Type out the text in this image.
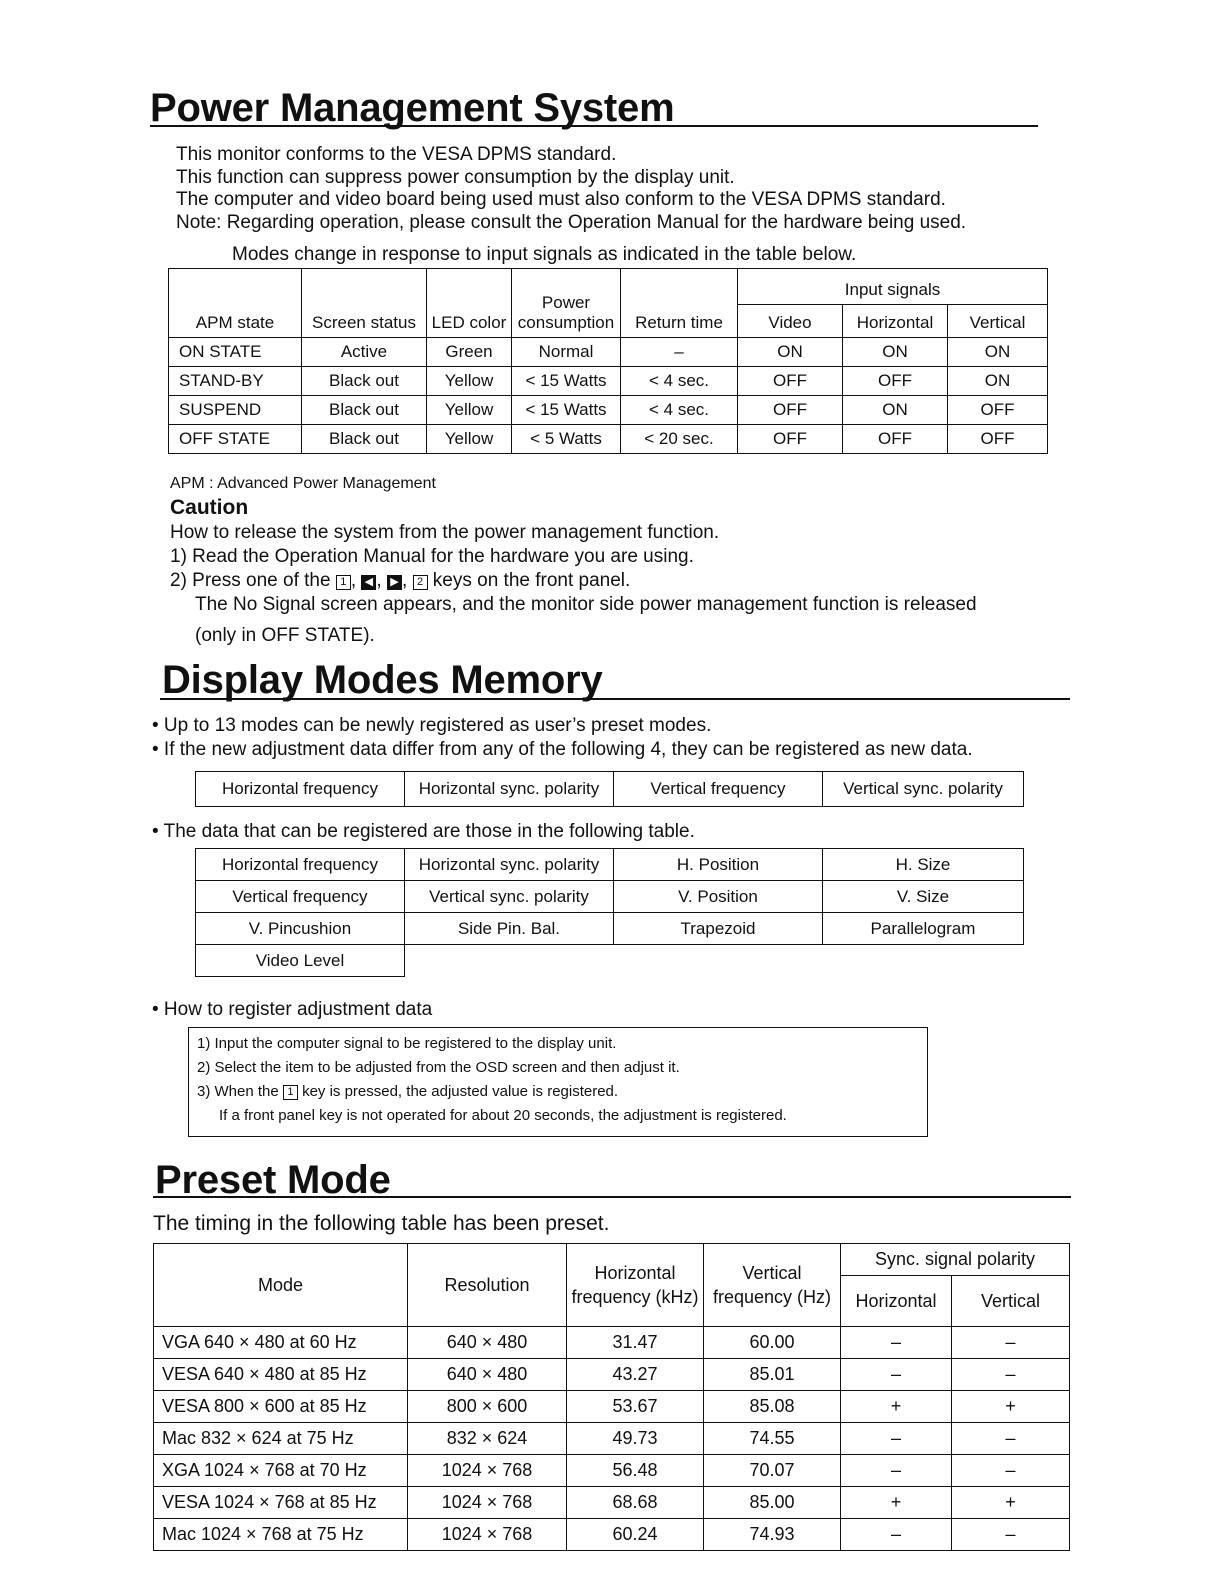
Power Management System
This monitor conforms to the VESA DPMS standard.
This function can suppress power consumption by the display unit.
The computer and video board being used must also conform to the VESA DPMS standard.
Note: Regarding operation, please consult the Operation Manual for the hardware being used.
Modes change in response to input signals as indicated in the table below.
APM state	Screen status	LED color	Power consumption	Return time	Input signals		
					Video	Horizontal	Vertical
ON STATE	Active	Green	Normal	–	ON	ON	ON
STAND-BY	Black out	Yellow	< 15 Watts	< 4 sec.	OFF	OFF	ON
SUSPEND	Black out	Yellow	< 15 Watts	< 4 sec.	OFF	ON	OFF
OFF STATE	Black out	Yellow	< 5 Watts	< 20 sec.	OFF	OFF	OFF
APM : Advanced Power Management
Caution
How to release the system from the power management function.
1) Read the Operation Manual for the hardware you are using.
2) Press one of the 1 , ◀ , ▶ , 2 keys on the front panel.
The No Signal screen appears, and the monitor side power management function is released
(only in OFF STATE).
Display Modes Memory
• Up to 13 modes can be newly registered as user’s preset modes.
• If the new adjustment data differ from any of the following 4, they can be registered as new data.
Horizontal frequency	Horizontal sync. polarity	Vertical frequency	Vertical sync. polarity
• The data that can be registered are those in the following table.
Horizontal frequency	Horizontal sync. polarity	H. Position	H. Size
Vertical frequency	Vertical sync. polarity	V. Position	V. Size
V. Pincushion	Side Pin. Bal.	Trapezoid	Parallelogram
Video Level			
• How to register adjustment data
1) Input the computer signal to be registered to the display unit.
2) Select the item to be adjusted from the OSD screen and then adjust it.
3) When the 1 key is pressed, the adjusted value is registered.
If a front panel key is not operated for about 20 seconds, the adjustment is registered.
Preset Mode
The timing in the following table has been preset.
Mode	Resolution	Horizontal frequency (kHz)	Vertical frequency (Hz)	Sync. signal polarity	
				Horizontal	Vertical
VGA 640 × 480 at 60 Hz	640 × 480	31.47	60.00	–	–
VESA 640 × 480 at 85 Hz	640 × 480	43.27	85.01	–	–
VESA 800 × 600 at 85 Hz	800 × 600	53.67	85.08	+	+
Mac 832 × 624 at 75 Hz	832 × 624	49.73	74.55	–	–
XGA 1024 × 768 at 70 Hz	1024 × 768	56.48	70.07	–	–
VESA 1024 × 768 at 85 Hz	1024 × 768	68.68	85.00	+	+
Mac 1024 × 768 at 75 Hz	1024 × 768	60.24	74.93	–	–
